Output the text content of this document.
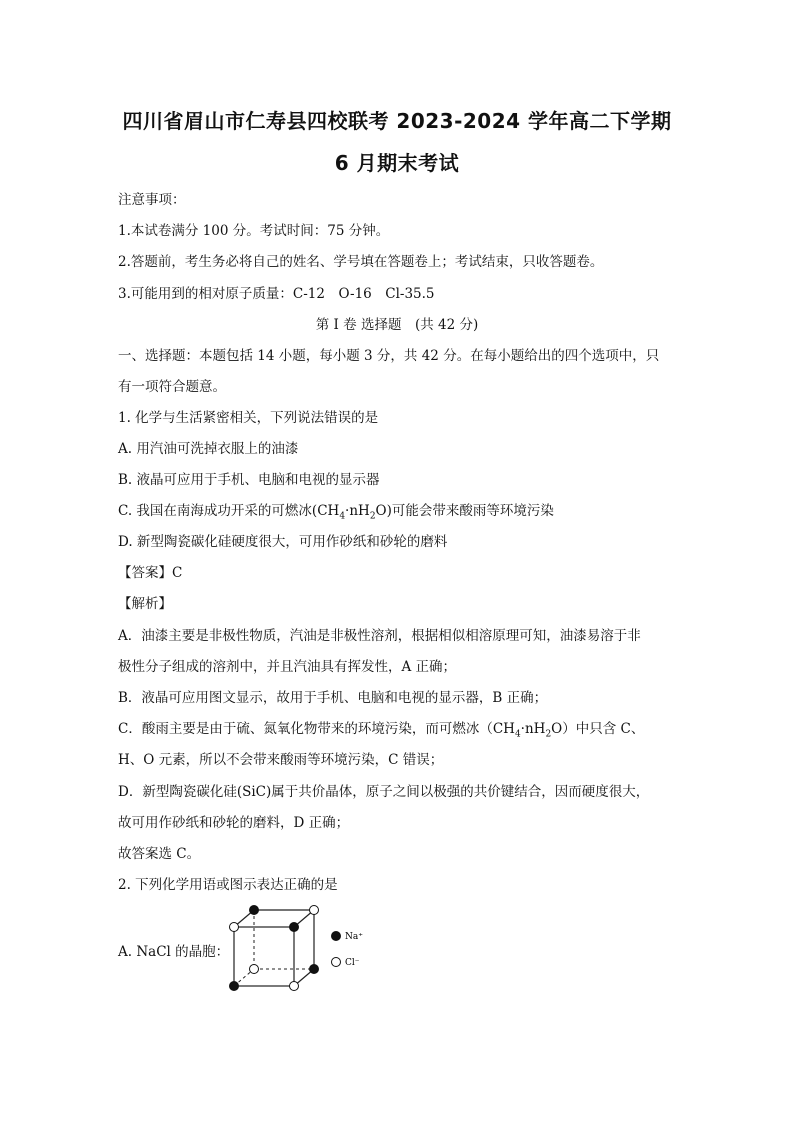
四川省眉山市仁寿县四校联考 2023-2024 学年高二下学期
6 月期末考试
注意事项：
1.本试卷满分 100 分。考试时间：75 分钟。
2.答题前，考生务必将自己的姓名、学号填在答题卷上；考试结束，只收答题卷。
3.可能用到的相对原子质量：C-12　O-16　Cl-35.5
第 I 卷 选择题　(共 42 分)
一、选择题：本题包括 14 小题，每小题 3 分，共 42 分。在每小题给出的四个选项中，只
有一项符合题意。
1. 化学与生活紧密相关，下列说法错误的是
A. 用汽油可洗掉衣服上的油漆
B. 液晶可应用于手机、电脑和电视的显示器
C. 我国在南海成功开采的可燃冰$(CH_4\cdot nH_2O)$可能会带来酸雨等环境污染
D. 新型陶瓷碳化硅硬度很大，可用作砂纸和砂轮的磨料
【答案】C
【解析】
A．油漆主要是非极性物质，汽油是非极性溶剂，根据相似相溶原理可知，油漆易溶于非
极性分子组成的溶剂中，并且汽油具有挥发性，A 正确；
B．液晶可应用图文显示，故用于手机、电脑和电视的显示器，B 正确；
C．酸雨主要是由于硫、氮氧化物带来的环境污染，而可燃冰$(CH_4\cdot nH_2O)$中只含 C、
H、O 元素，所以不会带来酸雨等环境污染，C 错误；
D．新型陶瓷碳化硅(SiC)属于共价晶体，原子之间以极强的共价键结合，因而硬度很大，
故可用作砂纸和砂轮的磨料，D 正确；
故答案选 C。
2. 下列化学用语或图示表达正确的是
A. NaCl 的晶胞：
Na⁺
Cl⁻
